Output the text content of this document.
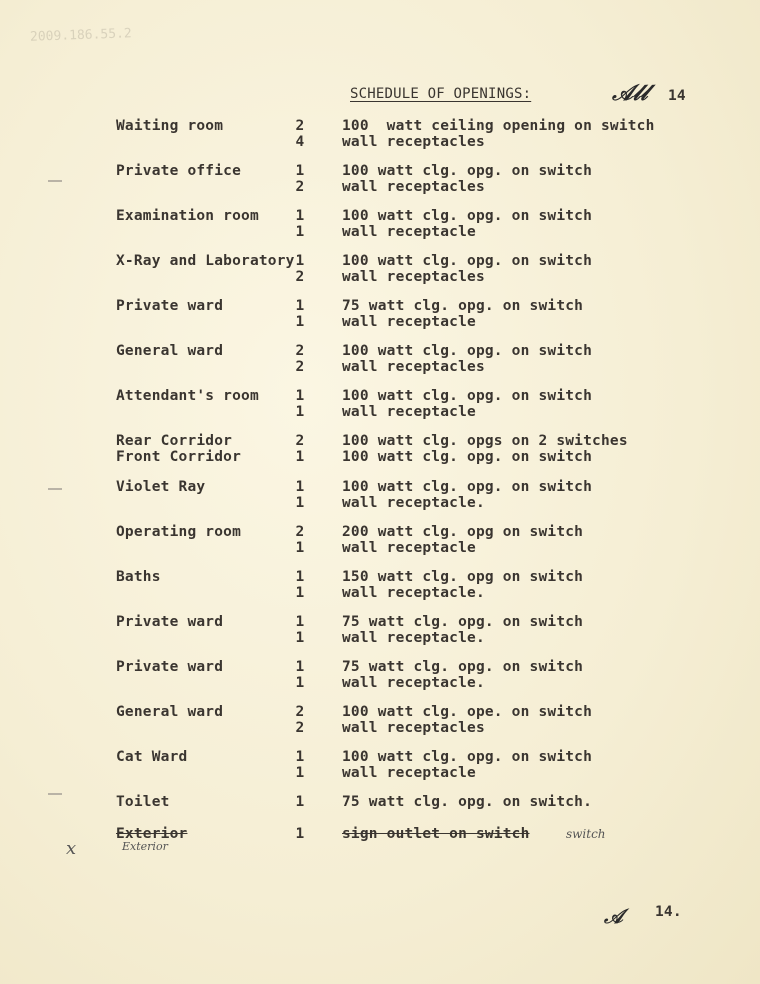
2009.186.55.2
SCHEDULE OF OPENINGS:	𝒜𝓁𝓁 14
Waiting room	2	100  watt ceiling opening on switch
4	wall receptacles
Private office	1	100 watt clg. opg. on switch
2	wall receptacles
Examination room	1	100 watt clg. opg. on switch
1	wall receptacle
X-Ray and Laboratory 1	100 watt clg. opg. on switch
2	wall receptacles
Private ward	1	75 watt clg. opg. on switch
1	wall receptacle
General ward	2	100 watt clg. opg. on switch
2	wall receptacles
Attendant's room	1	100 watt clg. opg. on switch
1	wall receptacle
Rear Corridor	2	100 watt clg. opgs on 2 switches
Front Corridor	1	100 watt clg. opg. on switch
Violet Ray	1	100 watt clg. opg. on switch
1	wall receptacle.
Operating room	2	200 watt clg. opg on switch
1	wall receptacle
Baths	1	150 watt clg. opg on switch
1	wall receptacle.
Private ward	1	75 watt clg. opg. on switch
1	wall receptacle.
Private ward	1	75 watt clg. opg. on switch
1	wall receptacle.
General ward	2	100 watt clg. ope. on switch
2	wall receptacles
Cat Ward	1	100 watt clg. opg. on switch
1	wall receptacle
Toilet	1	75 watt clg. opg. on switch.
Exterior	1	sign outlet on switch
x	Exterior
switch
𝒜 14.
